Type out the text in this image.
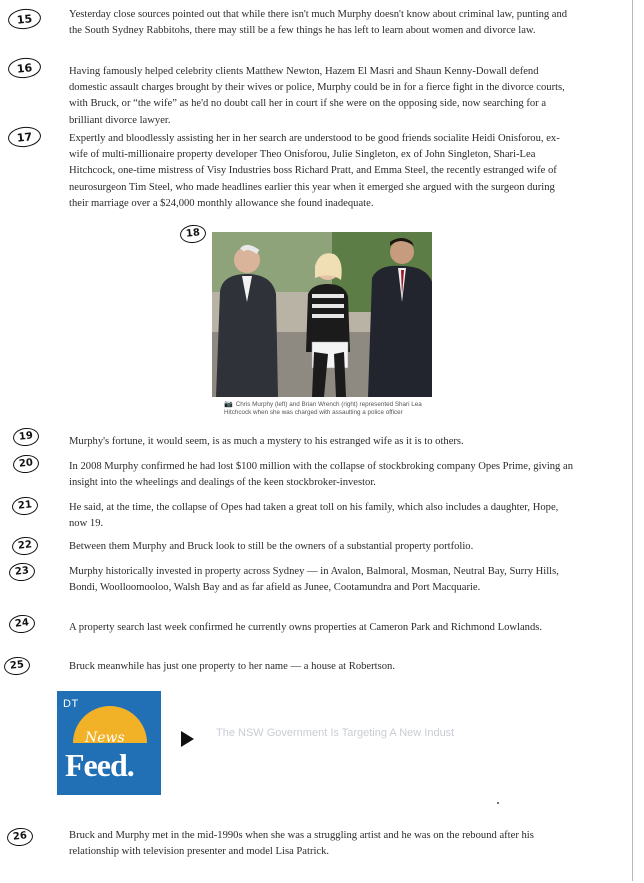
15	Yesterday close sources pointed out that while there isn't much Murphy doesn't know about criminal law, punting and the South Sydney Rabbitohs, there may still be a few things he has left to learn about women and divorce law.

16	Having famously helped celebrity clients Matthew Newton, Hazem El Masri and Shaun Kenny-Dowall defend domestic assault charges brought by their wives or police, Murphy could be in for a fierce fight in the divorce courts, with Bruck, or “the wife” as he'd no doubt call her in court if she were on the opposing side, now searching for a brilliant divorce lawyer.

17	Expertly and bloodlessly assisting her in her search are understood to be good friends socialite Heidi Onisforou, ex-wife of multi-millionaire property developer Theo Onisforou, Julie Singleton, ex of John Singleton, Shari-Lea Hitchcock, one-time mistress of Visy Industries boss Richard Pratt, and Emma Steel, the recently estranged wife of neurosurgeon Tim Steel, who made headlines earlier this year when it emerged she argued with the surgeon during their marriage over a $24,000 monthly allowance she found inadequate.

18
📷 Chris Murphy (left) and Brian Wrench (right) represented Shari Lea Hitchcock when she was charged with assaulting a police officer
19	Murphy's fortune, it would seem, is as much a mystery to his estranged wife as it is to others.

20	In 2008 Murphy confirmed he had lost $100 million with the collapse of stockbroking company Opes Prime, giving an insight into the wheelings and dealings of the keen stockbroker-investor.

21	He said, at the time, the collapse of Opes had taken a great toll on his family, which also includes a daughter, Hope, now 19.

22	Between them Murphy and Bruck look to still be the owners of a substantial property portfolio.

23	Murphy historically invested in property across Sydney — in Avalon, Balmoral, Mosman, Neutral Bay, Surry Hills, Bondi, Woolloomooloo, Walsh Bay and as far afield as Junee, Cootamundra and Port Macquarie.

24	A property search last week confirmed he currently owns properties at Cameron Park and Richmond Lowlands.

25	Bruck meanwhile has just one property to her name — a house at Robertson.

DT
News
Feed.
The NSW Government Is Targeting A New Indust
26	Bruck and Murphy met in the mid-1990s when she was a struggling artist and he was on the rebound after his relationship with television presenter and model Lisa Patrick.
